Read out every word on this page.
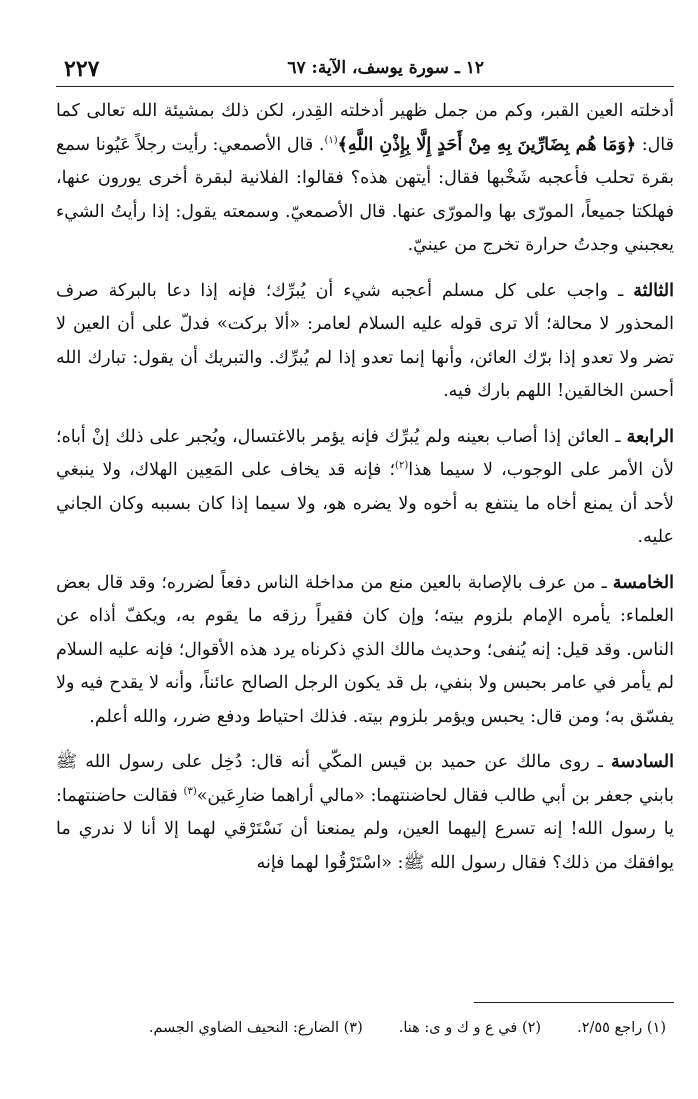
٢٢٧	١٢ ـ سورة يوسف، الآية: ٦٧

أدخلته العين القبر، وكم من جمل ظهير أدخلته القِدر، لكن ذلك بمشيئة الله تعالى كما قال: ﴿وَمَا هُم بِضَارِّينَ بِهِ مِنْ أَحَدٍ إِلَّا بِإِذْنِ اللَّهِ﴾$^{(١)}$. قال الأصمعي: رأيت رجلاً عَيُونا سمع بقرة تحلب فأعجبه شَخْبها فقال: أيتهن هذه؟ فقالوا: الفلانية لبقرة أخرى يورون عنها، فهلكتا جميعاً، المورّى بها والمورّى عنها. قال الأصمعيّ. وسمعته يقول: إذا رأيتُ الشيء يعجبني وجدتُ حرارة تخرج من عينيّ.

الثالثة ـ واجب على كل مسلم أعجبه شيء أن يُبرِّك؛ فإنه إذا دعا بالبركة صرف المحذور لا محالة؛ ألا ترى قوله عليه السلام لعامر: «ألا بركت» فدلّ على أن العين لا تضر ولا تعدو إذا برّك العائن، وأنها إنما تعدو إذا لم يُبرِّك. والتبريك أن يقول: تبارك الله أحسن الخالقين! اللهم بارك فيه.

الرابعة ـ العائن إذا أصاب بعينه ولم يُبرِّك فإنه يؤمر بالاغتسال، ويُجبر على ذلك إنْ أباه؛ لأن الأمر على الوجوب، لا سيما هذا$^{(٢)}$؛ فإنه قد يخاف على المَعِين الهلاك، ولا ينبغي لأحد أن يمنع أخاه ما ينتفع به أخوه ولا يضره هو، ولا سيما إذا كان بسببه وكان الجاني عليه.

الخامسة ـ من عرف بالإصابة بالعين منع من مداخلة الناس دفعاً لضرره؛ وقد قال بعض العلماء: يأمره الإمام بلزوم بيته؛ وإن كان فقيراً رزقه ما يقوم به، ويكفّ أذاه عن الناس. وقد قيل: إنه يُنفى؛ وحديث مالك الذي ذكرناه يرد هذه الأقوال؛ فإنه عليه السلام لم يأمر في عامر بحبس ولا بنفي، بل قد يكون الرجل الصالح عائناً، وأنه لا يقدح فيه ولا يفسّق به؛ ومن قال: يحبس ويؤمر بلزوم بيته. فذلك احتياط ودفع ضرر، والله أعلم.

السادسة ـ روى مالك عن حميد بن قيس المكّي أنه قال: دُخِل على رسول الله ﷺ بابني جعفر بن أبي طالب فقال لحاضنتهما: «مالي أراهما ضارِعَين»$^{(٣)}$ فقالت حاضنتهما: يا رسول الله! إنه تسرع إليهما العين، ولم يمنعنا أن نَسْتَرْقي لهما إلا أنا لا ندري ما يوافقك من ذلك؟ فقال رسول الله ﷺ: «اسْتَرْقُوا لهما فإنه

(١) راجع ٢/٥٥.(٢) في ع و ك و ى: هنا.(٣) الضارع: النحيف الضاوي الجسم.
